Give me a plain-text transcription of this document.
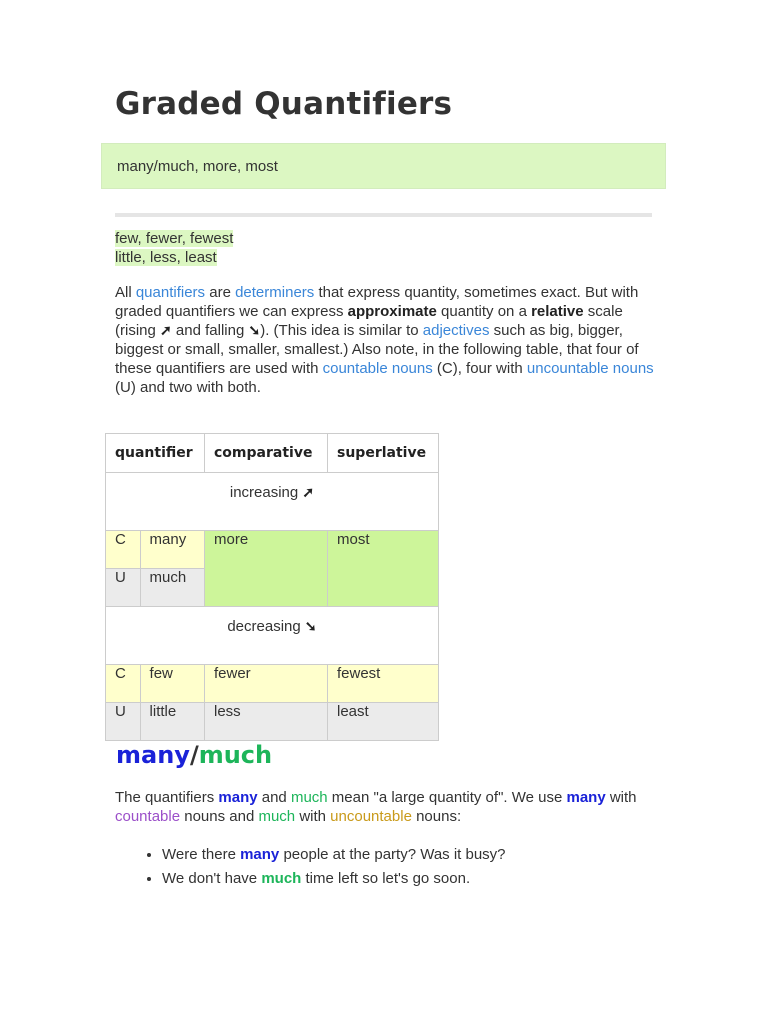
Graded Quantifiers
many/much, more, most
few, fewer, fewest
little, less, least
All quantifiers are determiners that express quantity, sometimes exact. But with graded quantifiers we can express approximate quantity on a relative scale (rising ➚ and falling ➘). (This idea is similar to adjectives such as big, bigger, biggest or small, smaller, smallest.) Also note, in the following table, that four of these quantifiers are used with countable nouns (C), four with uncountable nouns (U) and two with both.
quantifier		comparative	superlative
increasing ➚			
C	many	more	most
U	much		
decreasing ➘			
C	few	fewer	fewest
U	little	less	least
many/much
The quantifiers many and much mean "a large quantity of". We use many with countable nouns and much with uncountable nouns:
• Were there many people at the party? Was it busy?
• We don't have much time left so let's go soon.
